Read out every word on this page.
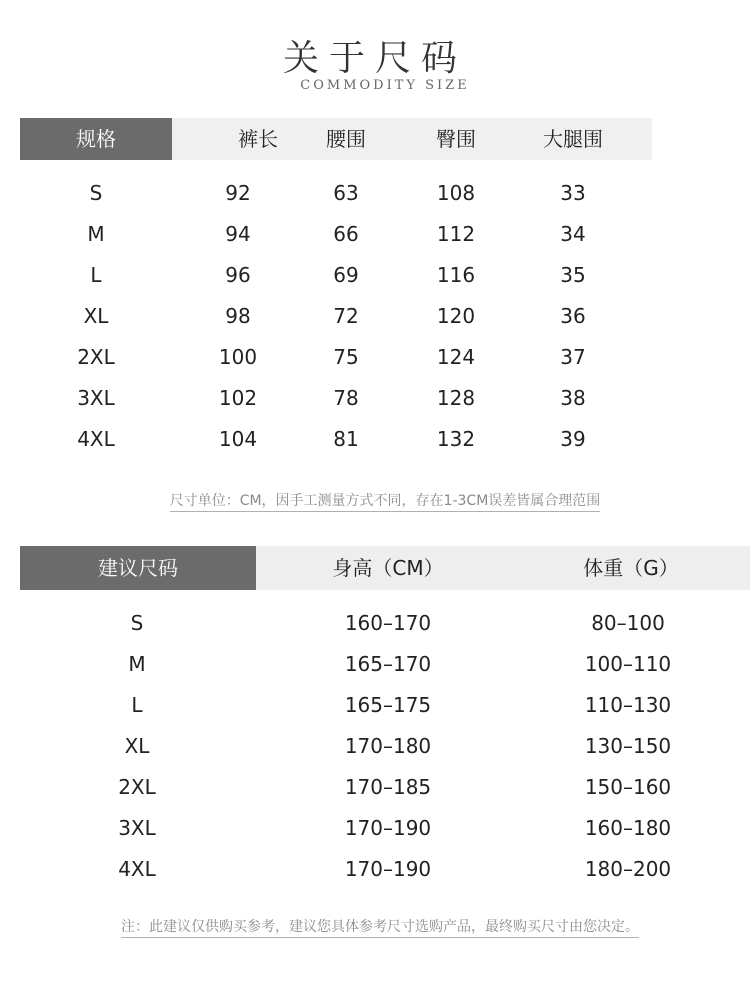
关于尺码
COMMODITY SIZE
规格	裤长	腰围	臀围	大腿围
S	92	63	108	33
M	94	66	112	34
L	96	69	116	35
XL	98	72	120	36
2XL	100	75	124	37
3XL	102	78	128	38
4XL	104	81	132	39
尺寸单位：CM，因手工测量方式不同，存在1-3CM误差皆属合理范围
建议尺码	身高（CM）	体重（G）
S	160–170	80–100
M	165–170	100–110
L	165–175	110–130
XL	170–180	130–150
2XL	170–185	150–160
3XL	170–190	160–180
4XL	170–190	180–200
注：此建议仅供购买参考，建议您具体参考尺寸选购产品，最终购买尺寸由您决定。
